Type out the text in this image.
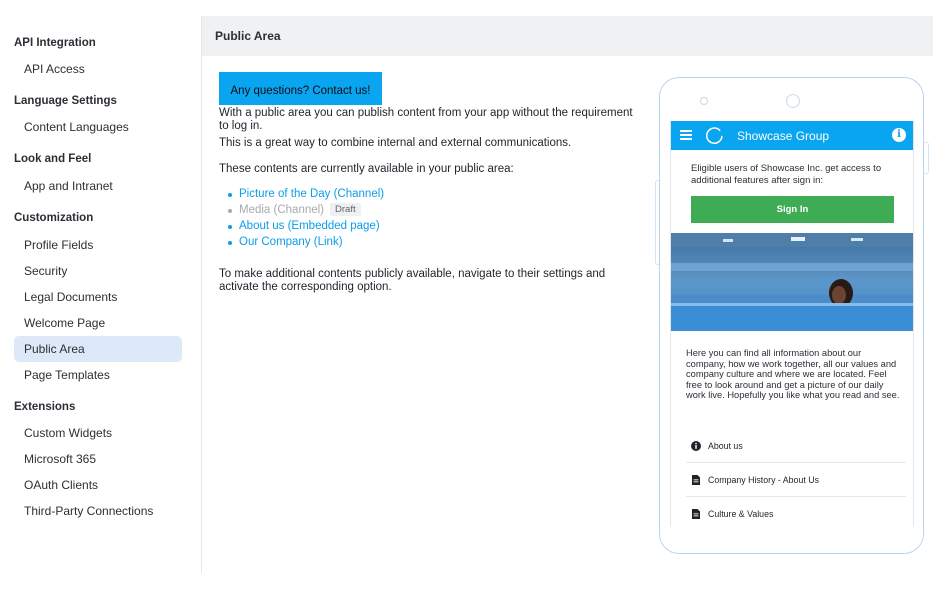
API Integration
API Access
Language Settings
Content Languages
Look and Feel
App and Intranet
Customization
Profile Fields
Security
Legal Documents
Welcome Page
Public Area
Page Templates
Extensions
Custom Widgets
Microsoft 365
OAuth Clients
Third-Party Connections
Public Area
Any questions? Contact us!

With a public area you can publish content from your app without the requirement to log in.

This is a great way to combine internal and external communications.

These contents are currently available in your public area:

Picture of the Day (Channel)
Media (Channel) Draft
About us (Embedded page)
Our Company (Link)

To make additional contents publicly available, navigate to their settings and activate the corresponding option.

Showcase Group	i
Eligible users of Showcase Inc. get access to additional features after sign in:
Sign In
Here you can find all information about our company, how we work together, all our values and company culture and where we are located. Feel free to look around and get a picture of our daily work live. Hopefully you like what you read and see.
About us
Company History - About Us
Culture & Values
